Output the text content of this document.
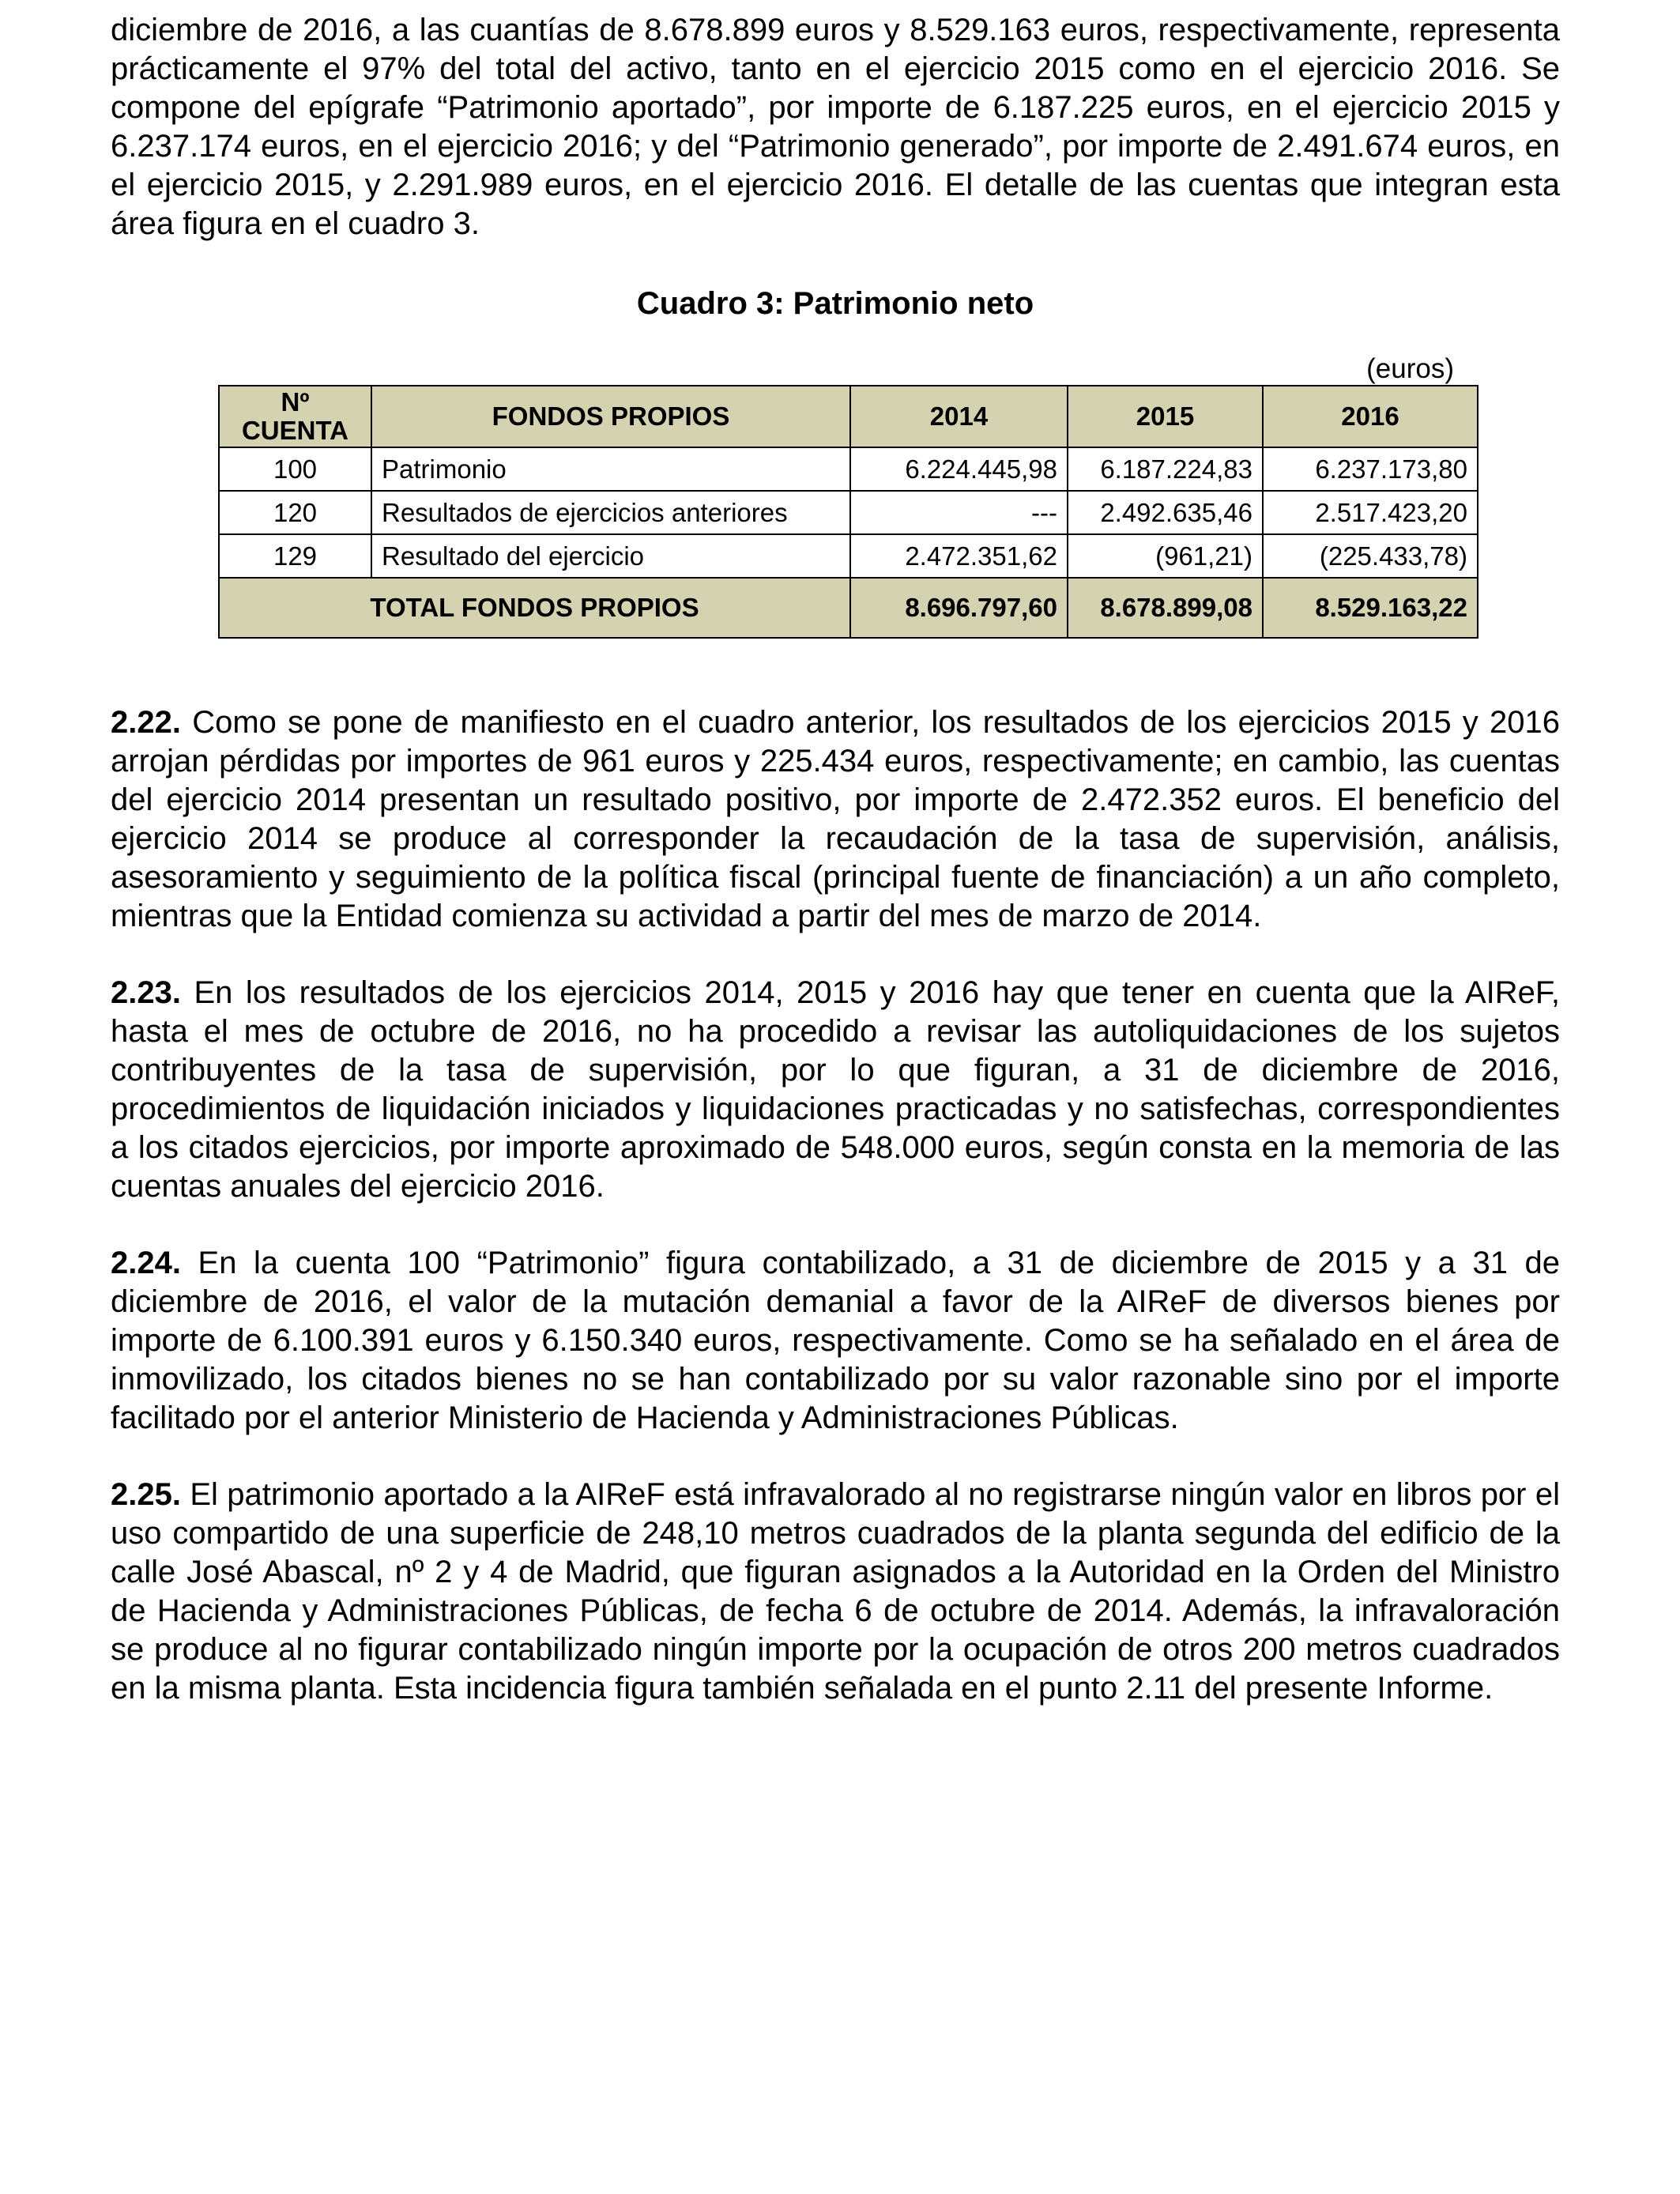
diciembre de 2016, a las cuantías de 8.678.899 euros y 8.529.163 euros, respectivamente, representa prácticamente el 97% del total del activo, tanto en el ejercicio 2015 como en el ejercicio 2016. Se compone del epígrafe “Patrimonio aportado”, por importe de 6.187.225 euros, en el ejercicio 2015 y 6.237.174 euros, en el ejercicio 2016; y del “Patrimonio generado”, por importe de 2.491.674 euros, en el ejercicio 2015, y 2.291.989 euros, en el ejercicio 2016. El detalle de las cuentas que integran esta área figura en el cuadro 3.

Cuadro 3: Patrimonio neto
(euros)
Nº
CUENTA	FONDOS PROPIOS	2014	2015	2016
100	Patrimonio	6.224.445,98	6.187.224,83	6.237.173,80
120	Resultados de ejercicios anteriores	---	2.492.635,46	2.517.423,20
129	Resultado del ejercicio	2.472.351,62	(961,21)	(225.433,78)
TOTAL FONDOS PROPIOS		8.696.797,60	8.678.899,08	8.529.163,22

2.22. Como se pone de manifiesto en el cuadro anterior, los resultados de los ejercicios 2015 y 2016 arrojan pérdidas por importes de 961 euros y 225.434 euros, respectivamente; en cambio, las cuentas del ejercicio 2014 presentan un resultado positivo, por importe de 2.472.352 euros. El beneficio del ejercicio 2014 se produce al corresponder la recaudación de la tasa de supervisión, análisis, asesoramiento y seguimiento de la política fiscal (principal fuente de financiación) a un año completo, mientras que la Entidad comienza su actividad a partir del mes de marzo de 2014.

2.23. En los resultados de los ejercicios 2014, 2015 y 2016 hay que tener en cuenta que la AIReF, hasta el mes de octubre de 2016, no ha procedido a revisar las autoliquidaciones de los sujetos contribuyentes de la tasa de supervisión, por lo que figuran, a 31 de diciembre de 2016, procedimientos de liquidación iniciados y liquidaciones practicadas y no satisfechas, correspondientes a los citados ejercicios, por importe aproximado de 548.000 euros, según consta en la memoria de las cuentas anuales del ejercicio 2016.

2.24. En la cuenta 100 “Patrimonio” figura contabilizado, a 31 de diciembre de 2015 y a 31 de diciembre de 2016, el valor de la mutación demanial a favor de la AIReF de diversos bienes por importe de 6.100.391 euros y 6.150.340 euros, respectivamente. Como se ha señalado en el área de inmovilizado, los citados bienes no se han contabilizado por su valor razonable sino por el importe facilitado por el anterior Ministerio de Hacienda y Administraciones Públicas.

2.25. El patrimonio aportado a la AIReF está infravalorado al no registrarse ningún valor en libros por el uso compartido de una superficie de 248,10 metros cuadrados de la planta segunda del edificio de la calle José Abascal, nº 2 y 4 de Madrid, que figuran asignados a la Autoridad en la Orden del Ministro de Hacienda y Administraciones Públicas, de fecha 6 de octubre de 2014. Además, la infravaloración se produce al no figurar contabilizado ningún importe por la ocupación de otros 200 metros cuadrados en la misma planta. Esta incidencia figura también señalada en el punto 2.11 del presente Informe.
